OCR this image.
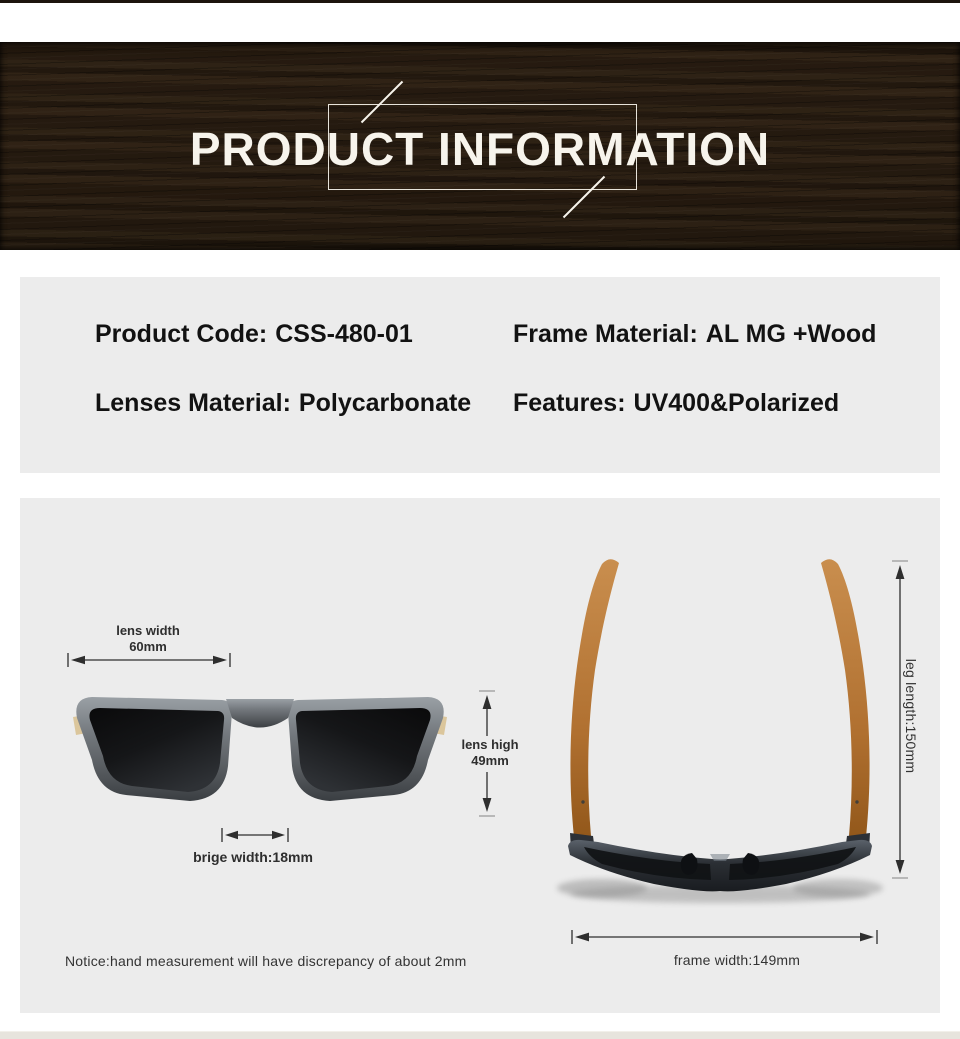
PRODUCT INFORMATION
Product Code: CSS-480-01	Frame Material: AL MG +Wood
Lenses Material: Polycarbonate Features: UV400&Polarized
lens width
60mm
lens high
49mm
brige width:18mm
leg length:150mm
frame width:149mm
Notice:hand measurement will have discrepancy of about 2mm
